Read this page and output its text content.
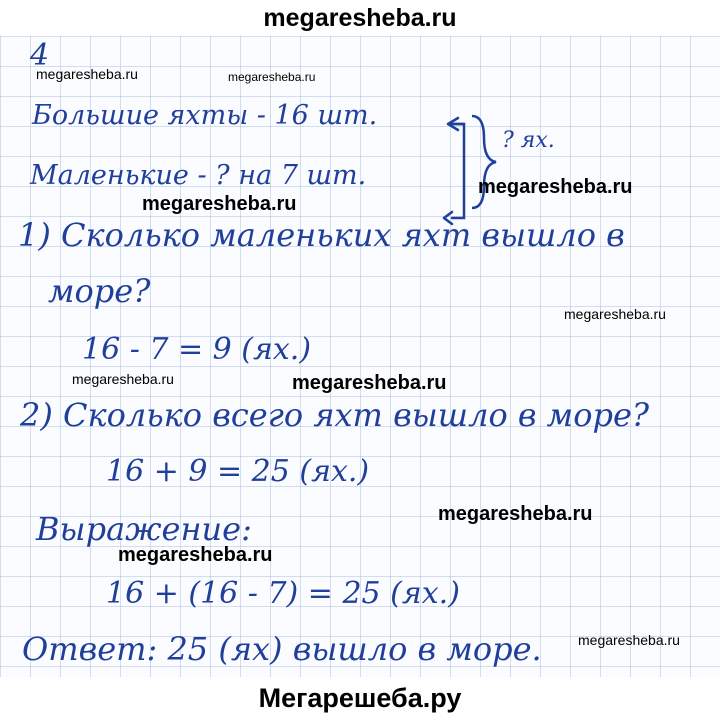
megaresheba.ru
4
Большие яхты - 16 шт.
Маленькие - ? на 7 шт.
? ях.
1) Сколько маленьких яхт вышло в
море?
16 - 7 = 9 (ях.)
2) Сколько всего яхт вышло в море?
16 + 9 = 25 (ях.)
Выражение:
16 + (16 - 7) = 25 (ях.)
Ответ: 25 (ях) вышло в море.
megaresheba.ru	megaresheba.ru
megaresheba.ru
megaresheba.ru
megaresheba.ru
megaresheba.ru	megaresheba.ru
megaresheba.ru
megaresheba.ru
megaresheba.ru
Мегарешеба.ру
